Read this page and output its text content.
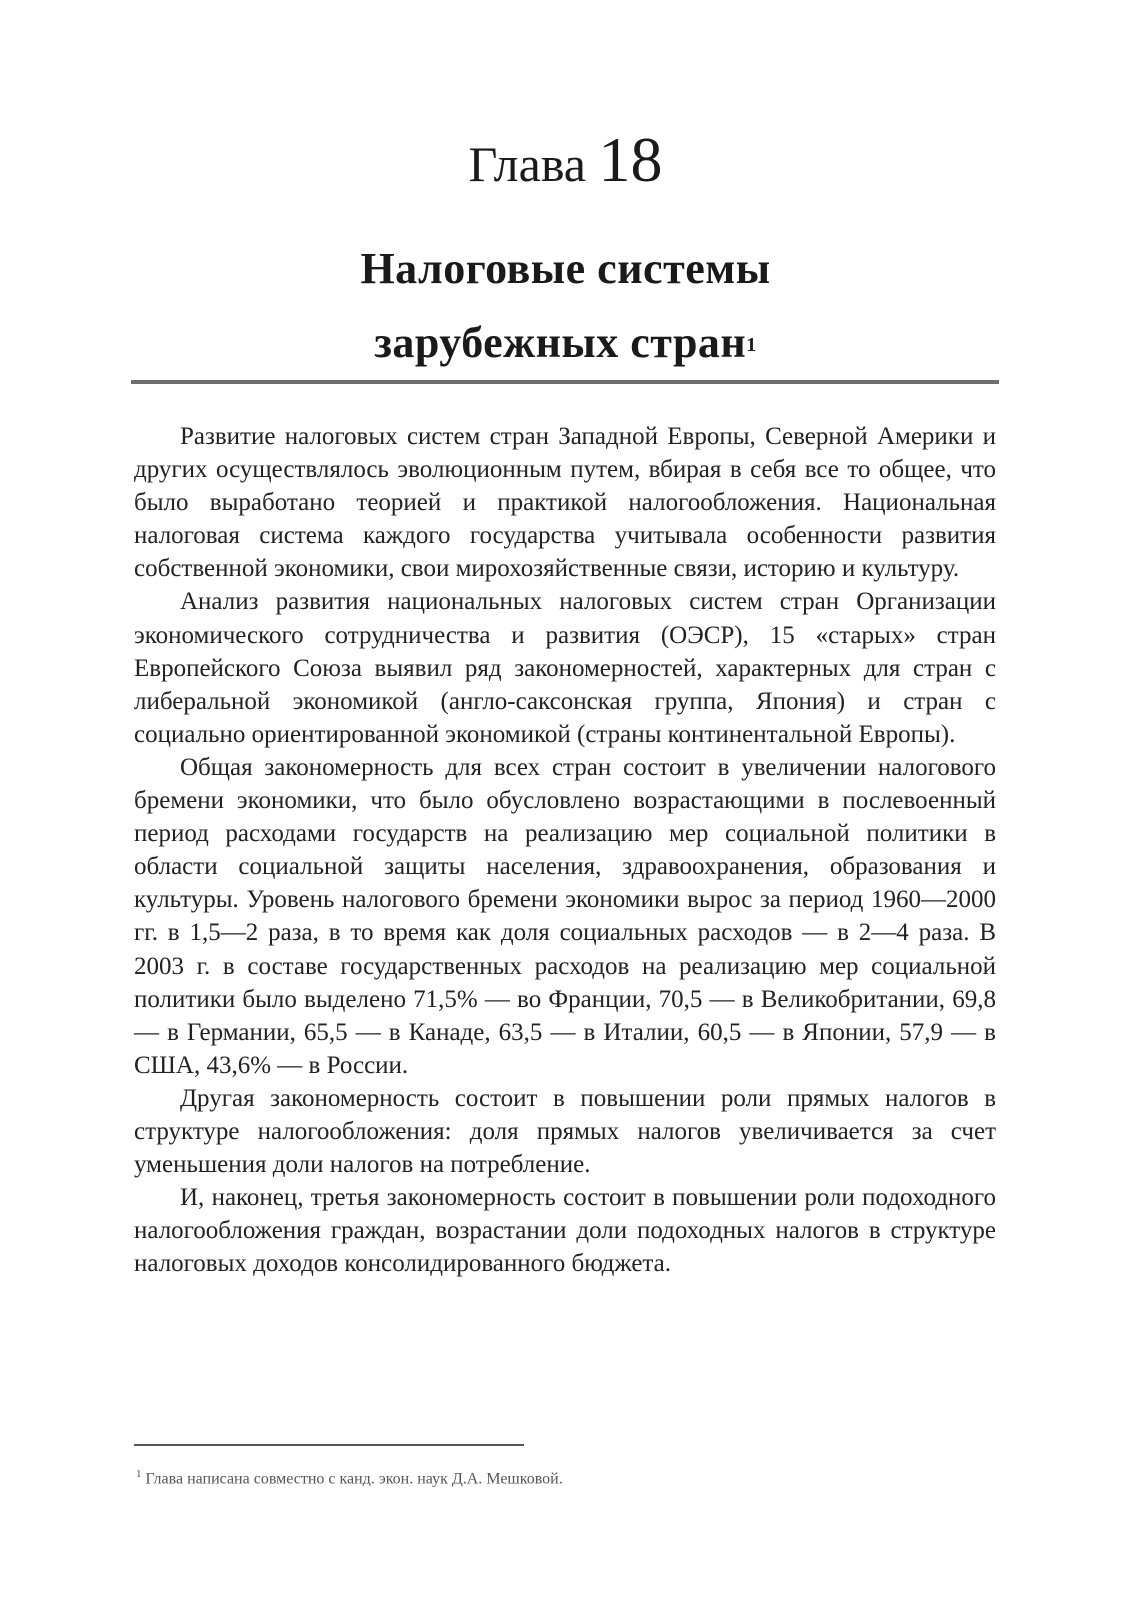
Глава 18
Налоговые системы
зарубежных стран$^1$

Развитие налоговых систем стран Западной Европы, Северной Америки и других осуществлялось эволюционным путем, вбирая в себя все то общее, что было выработано теорией и практикой налогообложения. Национальная налоговая система каждого государства учитывала особенности развития собственной экономики, свои мирохозяйственные связи, историю и культуру.

Анализ развития национальных налоговых систем стран Организации экономического сотрудничества и развития (ОЭСР), 15 «старых» стран Европейского Союза выявил ряд закономерностей, характерных для стран с либеральной экономикой (англо-саксонская группа, Япония) и стран с социально ориентированной экономикой (страны континентальной Европы).

Общая закономерность для всех стран состоит в увеличении налогового бремени экономики, что было обусловлено возрастающими в послевоенный период расходами государств на реализацию мер социальной политики в области социальной защиты населения, здравоохранения, образования и культуры. Уровень налогового бремени экономики вырос за период 1960—2000 гг. в 1,5—2 раза, в то время как доля социальных расходов — в 2—4 раза. В 2003 г. в составе государственных расходов на реализацию мер социальной политики было выделено 71,5% — во Франции, 70,5 — в Великобритании, 69,8 — в Германии, 65,5 — в Канаде, 63,5 — в Италии, 60,5 — в Японии, 57,9 — в США, 43,6% — в России.

Другая закономерность состоит в повышении роли прямых налогов в структуре налогообложения: доля прямых налогов увеличивается за счет уменьшения доли налогов на потребление.

И, наконец, третья закономерность состоит в повышении роли подоходного налогообложения граждан, возрастании доли подоходных налогов в структуре налоговых доходов консолидированного бюджета.

$^1$ Глава написана совместно с канд. экон. наук Д.А. Мешковой.
